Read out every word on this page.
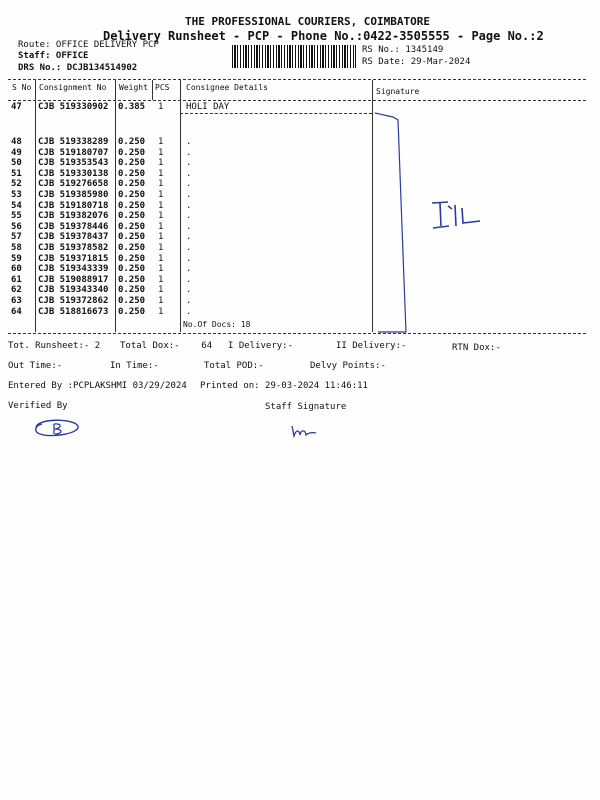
THE PROFESSIONAL COURIERS, COIMBATORE
Delivery Runsheet - PCP - Phone No.:0422-3505555 - Page No.:2
Route: OFFICE DELIVERY PCP
Staff: OFFICE
DRS No.: DCJB134514902
RS No.: 1345149
RS Date: 29-Mar-2024
S No Consignment No Weight PCS Consignee Details	Signature
47 CJB 519330902 0.385 1	HOLI DAY
48 CJB 519338289 0.250 1	.
49 CJB 519180707 0.250 1	.
50 CJB 519353543 0.250 1	.
51 CJB 519330138 0.250 1	.
52 CJB 519276658 0.250 1	.
53 CJB 519385980 0.250 1	.
54 CJB 519180718 0.250 1	.
55 CJB 519382076 0.250 1	.
56 CJB 519378446 0.250 1	.
57 CJB 519378437 0.250 1	.
58 CJB 519378582 0.250 1	.
59 CJB 519371815 0.250 1	.
60 CJB 519343339 0.250 1	.
61 CJB 519088917 0.250 1	.
62 CJB 519343340 0.250 1	.
63 CJB 519372862 0.250 1	.
64 CJB 518816673 0.250 1	.
No.Of Docs: 18
Tot. Runsheet:- 2 Total Dox:-    64 I Delivery:-	II Delivery:-	RTN Dox:-
Out Time:-	In Time:-	Total POD:-	Delvy Points:-
Entered By :PCPLAKSHMI 03/29/2024 Printed on: 29-03-2024 11:46:11
Verified By	Staff Signature
